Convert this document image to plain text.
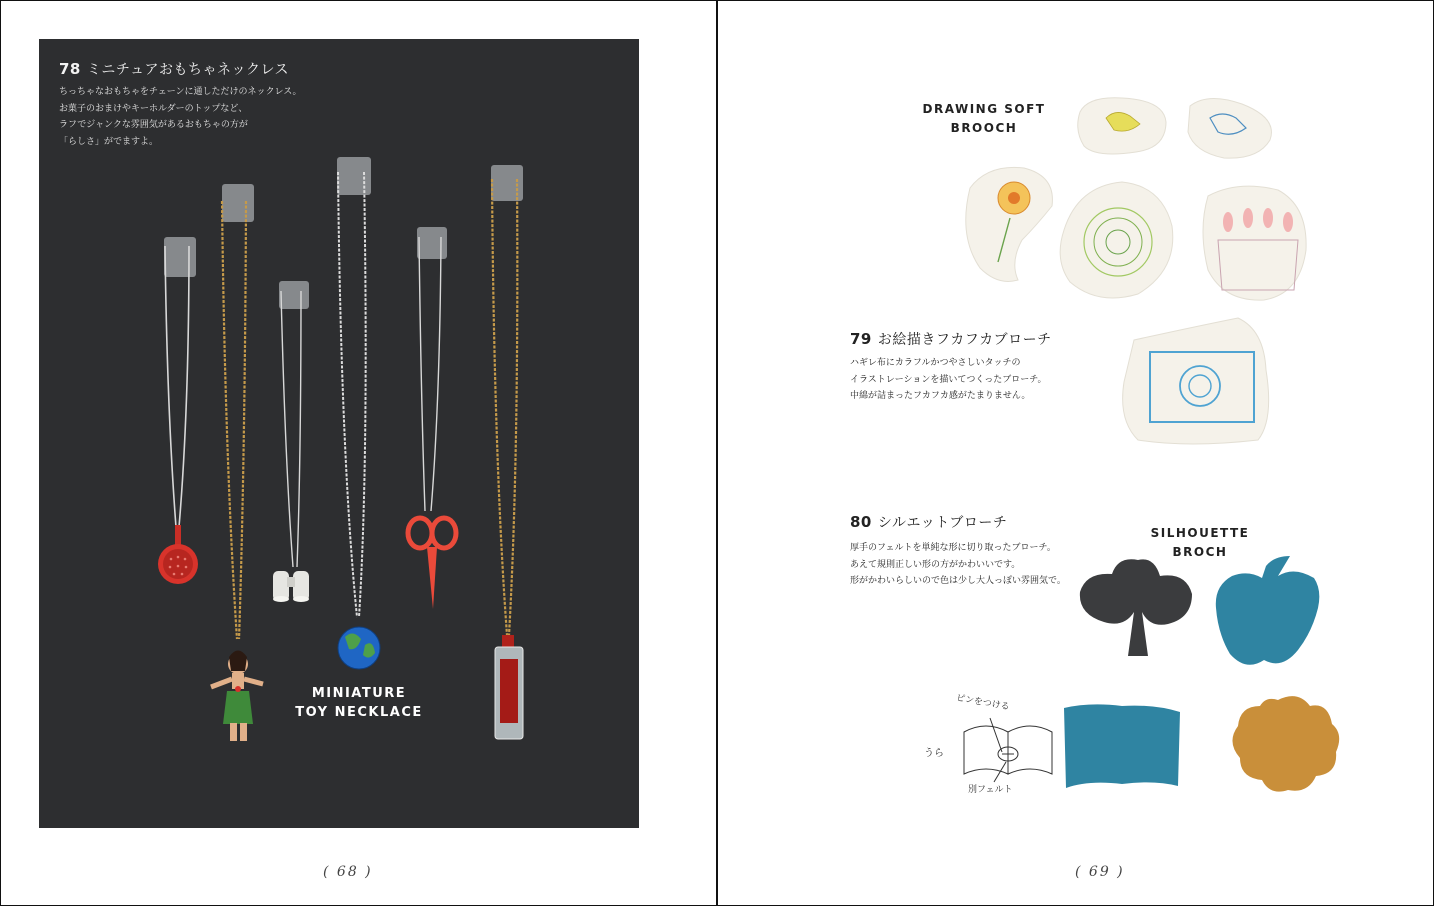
78 ミニチュアおもちゃネックレス
ちっちゃなおもちゃをチェーンに通しただけのネックレス。
お菓子のおまけやキーホルダーのトップなど、
ラフでジャンクな雰囲気があるおもちゃの方が
「らしさ」がでますよ。
MINIATURE
TOY NECKLACE
( 68 )
DRAWING SOFT
BROOCH
79 お絵描きフカフカブローチ
ハギレ布にカラフルかつやさしいタッチの
イラストレーションを描いてつくったブローチ。
中綿が詰まったフカフカ感がたまりません。
80 シルエットブローチ
厚手のフェルトを単純な形に切り取ったブローチ。
あえて規則正しい形の方がかわいいです。
形がかわいらしいので色は少し大人っぽい雰囲気で。
SILHOUETTE
BROCH
ピンをつける
うら
別フェルト
( 69 )
